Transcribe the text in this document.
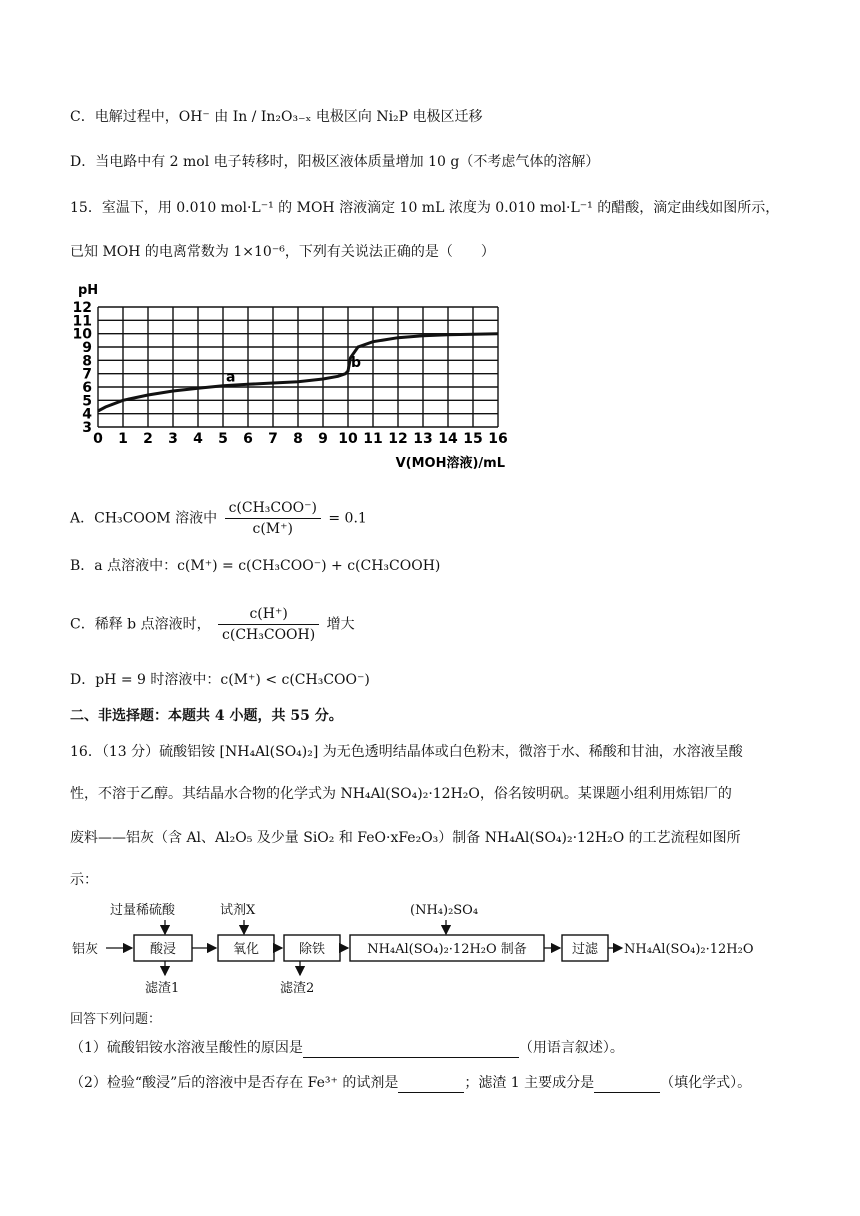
C．电解过程中，OH⁻ 由 In / In₂O₃₋ₓ 电极区向 Ni₂P 电极区迁移
D．当电路中有 2 mol 电子转移时，阳极区液体质量增加 10 g（不考虑气体的溶解）
15．室温下，用 0.010 mol·L⁻¹ 的 MOH 溶液滴定 10 mL 浓度为 0.010 mol·L⁻¹ 的醋酸，滴定曲线如图所示，
已知 MOH 的电离常数为 1×10⁻⁶，下列有关说法正确的是（　　）
3
4
5
6
7
8
9
10
11
12
0 1 2 3 4 5 6 7 8 9 10 11 12 13 14 15 16
pH
V(MOH溶液)/mL
a
b
A．CH₃COOM 溶液中 $\frac{\text{c(CH₃COO⁻)}}{c(M^+)} = 0.1$
B．a 点溶液中：c(M⁺) = c(CH₃COO⁻) + c(CH₃COOH)
C．稀释 b 点溶液时， $\frac{c(H^+)}{\text{c(CH₃COOH)}}$ 增大
D．pH = 9 时溶液中：c(M⁺) < c(CH₃COO⁻)
二、非选择题：本题共 4 小题，共 55 分。
16．（13 分）硫酸铝铵 [NH₄Al(SO₄)₂] 为无色透明结晶体或白色粉末，微溶于水、稀酸和甘油，水溶液呈酸
性，不溶于乙醇。其结晶水合物的化学式为 NH₄Al(SO₄)₂·12H₂O，俗名铵明矾。某课题小组利用炼铝厂的
废料——铝灰（含 Al、Al₂O₅ 及少量 SiO₂ 和 FeO·xFe₂O₃）制备 NH₄Al(SO₄)₂·12H₂O 的工艺流程如图所
示：
铝灰
过量稀硫酸
酸浸
滤渣1
试剂X
氧化	除铁
滤渣2
(NH₄)₂SO₄
NH₄Al(SO₄)₂·12H₂O 制备	过滤 NH₄Al(SO₄)₂·12H₂O
回答下列问题：
（1）硫酸铝铵水溶液呈酸性的原因是	（用语言叙述）。
（2）检验“酸浸”后的溶液中是否存在 Fe³⁺ 的试剂是	；滤渣 1 主要成分是	（填化学式）。
